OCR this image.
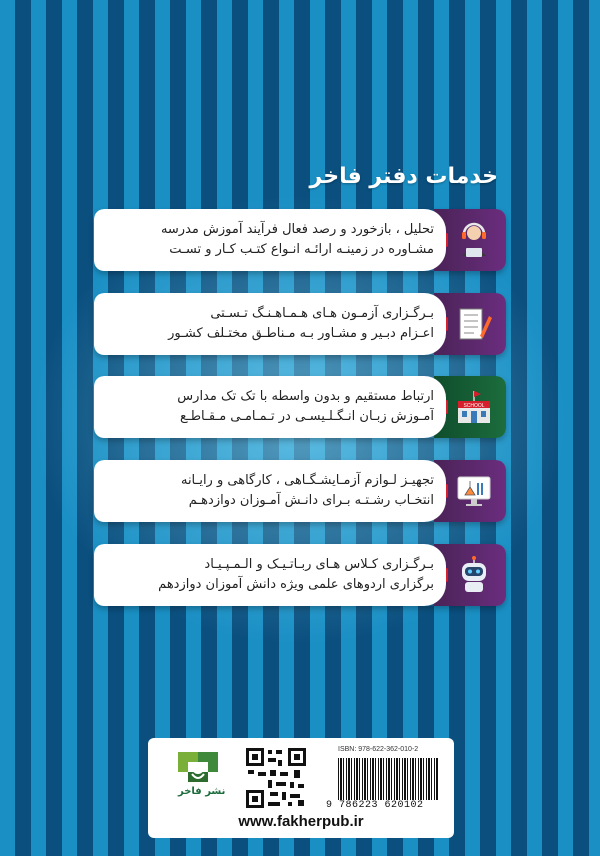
خدمات دفتر فاخر
تحلیل ، بازخورد و رصد فعال فرآیند آموزش مدرسه
مشـاوره در زمینـه ارائـه انـواع کتـب کـار و تسـت
بـرگـزاری آزمـون هـای هـمـاهـنـگ تـسـتی
اعـزام دبـیر و مشـاور بـه مـناطـق مختـلف کشـور
ارتباط مستقیم و بدون واسطه با تک تک مدارس
آمـوزش زبـان انـگـلـیسـی در تـمـامـی مـقـاطـع
SCHOOL
تجهیـز لـوازم آزمـایشـگـاهی ، کارگاهی و رایـانه
انتخـاب رشـتـه بـرای دانـش آمـوزان دوازدهـم
بـرگـزاری کـلاس هـای ربـاتـیـک و الـمـپـیـاد
برگزاری اردوهای علمی ویژه دانش آموزان دوازدهم
نشر فاخر
ISBN: 978-622-362-010-2
9 786223 620102
www.fakherpub.ir
